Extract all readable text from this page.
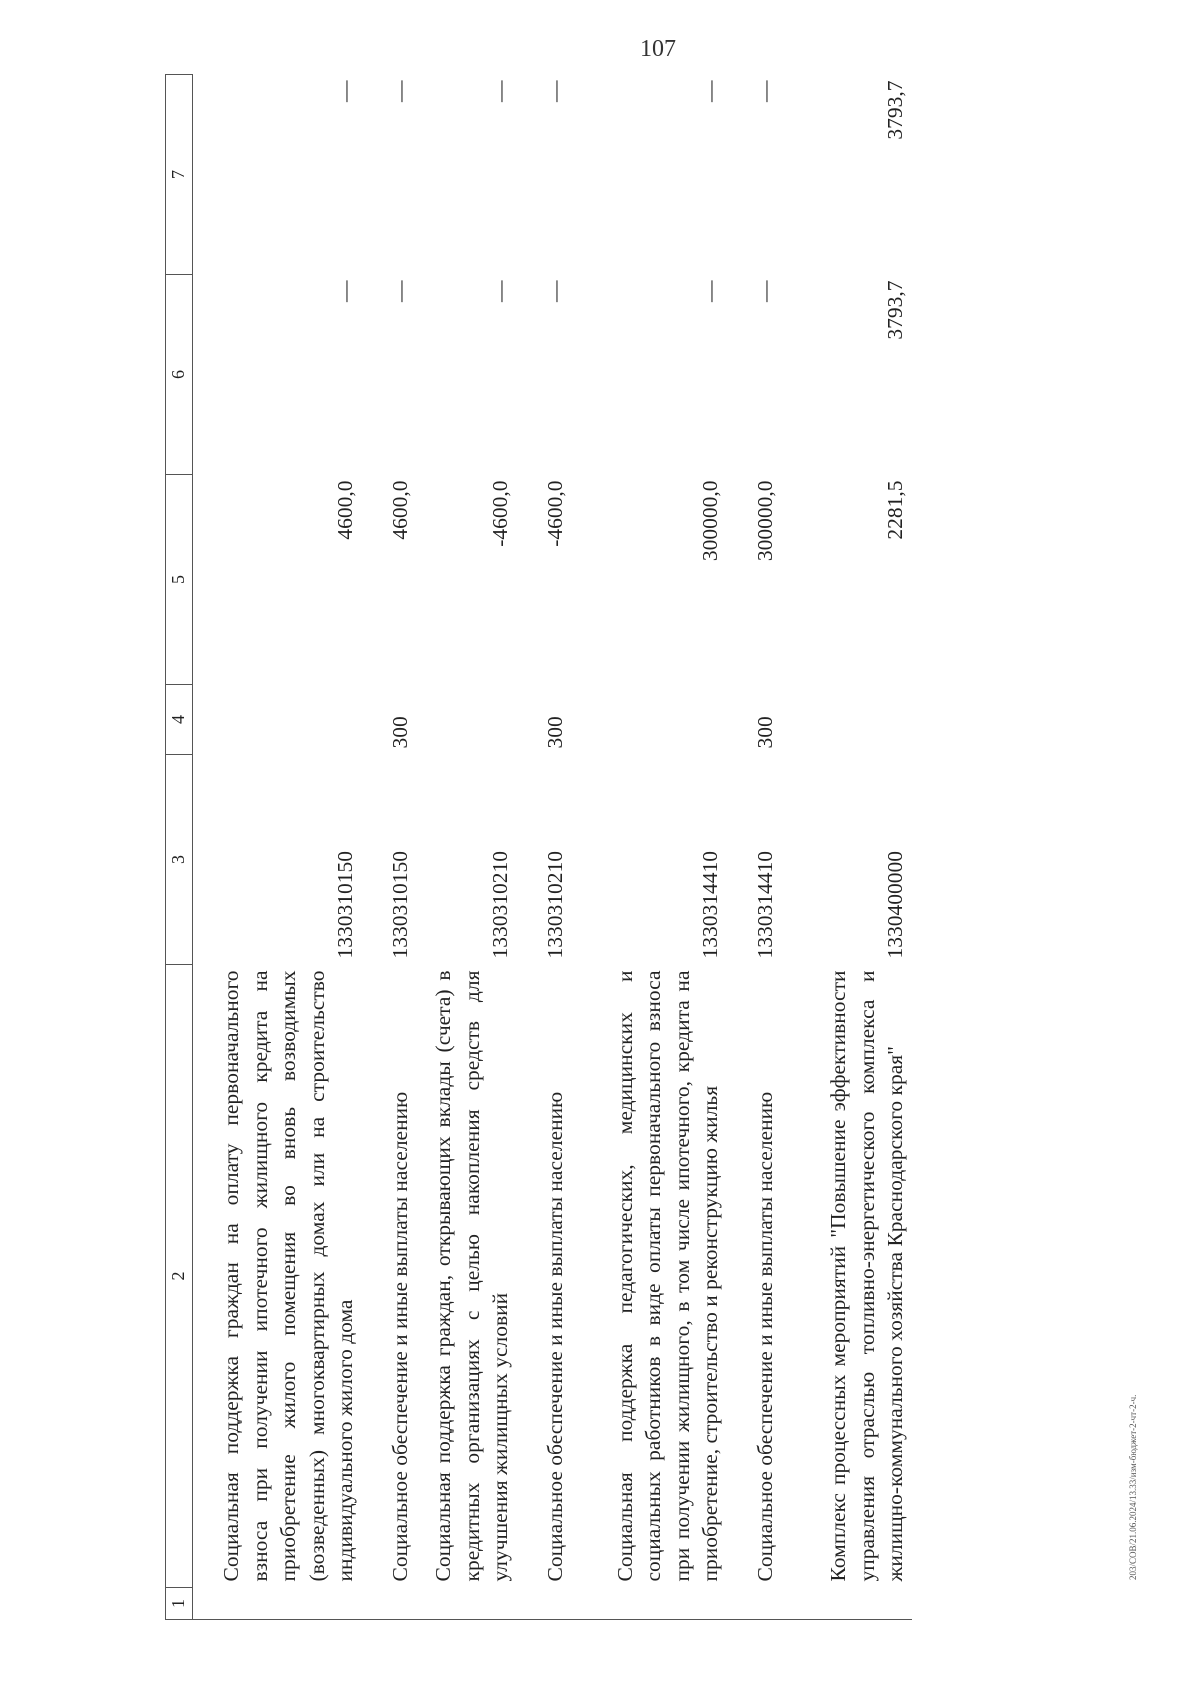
107
203/COB/21.06.2024/13.33/изм-бюджет-2-чт-2-ч.
1	2	3	4	5	6	7
	Социальная поддержка граждан на оплату первоначального взноса при получении ипотечного жилищного кредита на приобретение жилого помещения во вновь возводимых (возведенных) многоквартирных домах или на строительство индивидуального жилого дома	1330310150		4600,0	—	—
	Социальное обеспечение и иные выплаты населению	1330310150	300	4600,0	—	—
	Социальная поддержка граждан, открывающих вклады (счета) в кредитных организациях с целью накопления средств для улучшения жилищных условий	1330310210		-4600,0	—	—
	Социальное обеспечение и иные выплаты населению	1330310210	300	-4600,0	—	—
	Социальная поддержка педагогических, медицинских и социальных работников в виде оплаты первоначального взноса при получении жилищного, в том числе ипотечного, кредита на приобретение, строительство и реконструкцию жилья	1330314410		300000,0	—	—
	Социальное обеспечение и иные выплаты населению	1330314410	300	300000,0	—	—
	Комплекс процессных мероприятий "Повышение эффективности управления отраслью топливно-энергетического комплекса и жилищно-коммунального хозяйства Краснодарского края"	1330400000		2281,5	3793,7	3793,7
